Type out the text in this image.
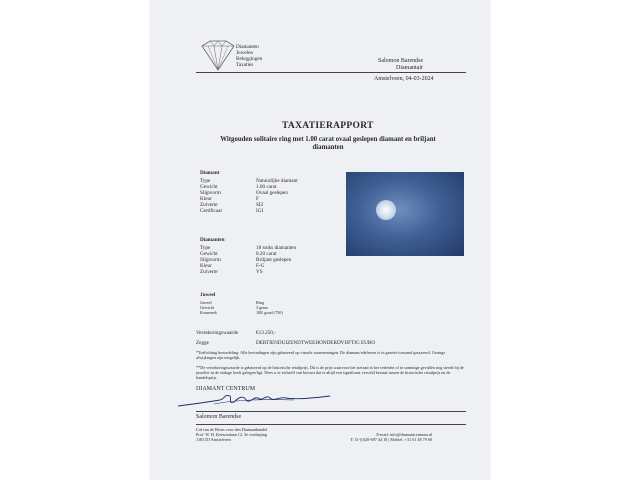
Diamanten
Juwelen
Beleggingen
Taxaties
Salomon Barendse
Diamantair
Amstelveen, 04-03-2024
TAXATIERAPPORT
Witgouden solitaire ring met 1.00 carat ovaal geslepen diamant en briljant diamanten
Diamant
Type
Gewicht
Slijpvorm
Kleur
Zuiverte
Certificaat
Natuurlijke diamant
1.00 carat
Ovaal geslepen
F
SI2
IGI
Diamanten
Type
Gewicht
Slijpvorm
Kleur
Zuiverte
18 stuks diamanten
0.20 carat
Briljant geslepen
F-G
VS
Juweel
Juweel
Gewicht
Keurmerk
Ring
3 gram
18K goud (750)
Verzekeringswaarde	€13.250,-
Zegge	DERTIENDUIZENDTWEEHONDERDVIJFTIG EURO
*Toelichting beoordeling: Alle bevindingen zijn gebaseerd op visuele waarnemingen. De diamant/edelsteen is in gezette toestand getaxeerd. Geringe afwijkingen zijn mogelijk.
**De verzekeringswaarde is gebaseerd op de historische retailprijs. Dit is de prijs waarvoor het sieraad in het verleden of in sommige gevallen nog steeds bij de juwelier in de etalage heeft gelegen/ligt. Wees u er zichzelf van bewust dat er altijd een significant verschil bestaat tussen de historische retailprijs en de handelsprijs.
DIAMANT CENTRUM
Salomon Barendse
Lid van de Beurs voor den Diamanthandel
Prof. W. H. Keesomlaan 12, 3e verdieping
1183 DJ Amstelveen
E-mail: info@diamantcentrum.nl
T: 31-(0)20-697 44 18 | Mobiel: +31 61 48 79 00
